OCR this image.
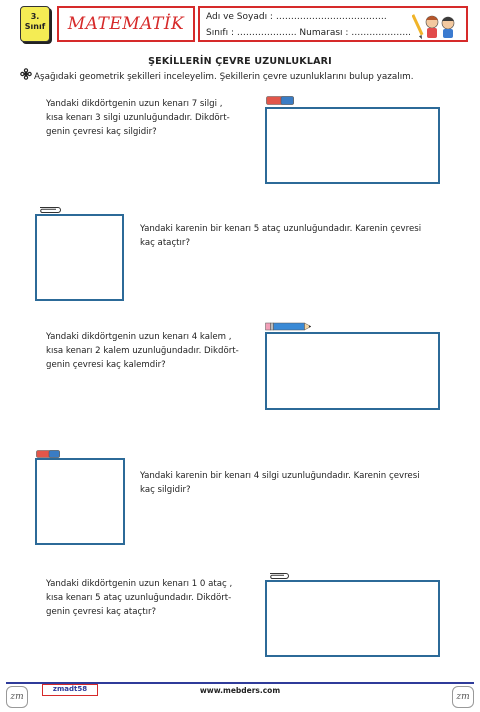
3.
Sınıf	MATEMATİK	Adı ve Soyadı : ……………………………….
Sınıfı : ……………….. Numarası : ………………..
ŞEKİLLERİN ÇEVRE UZUNLUKLARI
Aşağıdaki geometrik şekilleri inceleyelim. Şekillerin çevre uzunluklarını bulup yazalım.
Yandaki dikdörtgenin uzun kenarı 7 silgi ,
kısa kenarı 3 silgi uzunluğundadır. Dikdört-
genin çevresi kaç silgidir?
Yandaki karenin bir kenarı 5 ataç uzunluğundadır. Karenin çevresi
kaç ataçtır?
Yandaki dikdörtgenin uzun kenarı 4 kalem ,
kısa kenarı 2 kalem uzunluğundadır. Dikdört-
genin çevresi kaç kalemdir?
Yandaki karenin bir kenarı 4 silgi uzunluğundadır. Karenin çevresi
kaç silgidir?
Yandaki dikdörtgenin uzun kenarı 1 0 ataç ,
kısa kenarı 5 ataç uzunluğundadır. Dikdört-
genin çevresi kaç ataçtır?
zm	zm
zmadt58	www.mebders.com
